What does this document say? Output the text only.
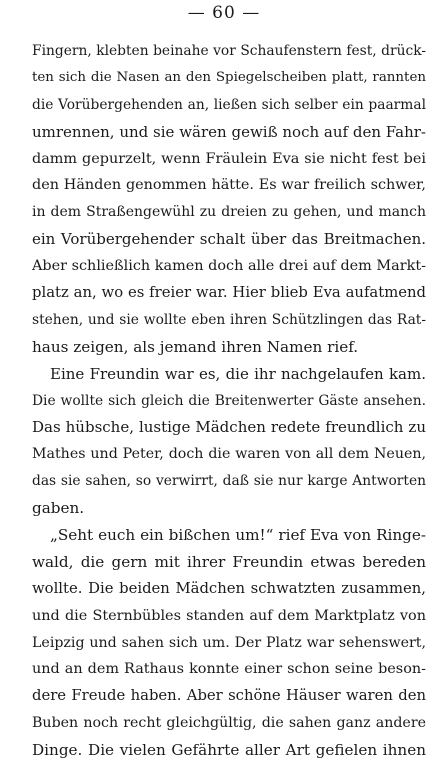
— 60 —
Fingern, klebten beinahe vor Schaufenstern fest, drück-
ten sich die Nasen an den Spiegelscheiben platt, rannten
die Vorübergehenden an, ließen sich selber ein paarmal
umrennen, und sie wären gewiß noch auf den Fahr-
damm gepurzelt, wenn Fräulein Eva sie nicht fest bei
den Händen genommen hätte. Es war freilich schwer,
in dem Straßengewühl zu dreien zu gehen, und manch
ein Vorübergehender schalt über das Breitmachen.
Aber schließlich kamen doch alle drei auf dem Markt-
platz an, wo es freier war. Hier blieb Eva aufatmend
stehen, und sie wollte eben ihren Schützlingen das Rat-
haus zeigen, als jemand ihren Namen rief.
Eine Freundin war es, die ihr nachgelaufen kam.
Die wollte sich gleich die Breitenwerter Gäste ansehen.
Das hübsche, lustige Mädchen redete freundlich zu
Mathes und Peter, doch die waren von all dem Neuen,
das sie sahen, so verwirrt, daß sie nur karge Antworten
gaben.
„Seht euch ein bißchen um!“ rief Eva von Ringe-
wald, die gern mit ihrer Freundin etwas bereden
wollte. Die beiden Mädchen schwatzten zusammen,
und die Sternbübles standen auf dem Marktplatz von
Leipzig und sahen sich um. Der Platz war sehenswert,
und an dem Rathaus konnte einer schon seine beson-
dere Freude haben. Aber schöne Häuser waren den
Buben noch recht gleichgültig, die sahen ganz andere
Dinge. Die vielen Gefährte aller Art gefielen ihnen
